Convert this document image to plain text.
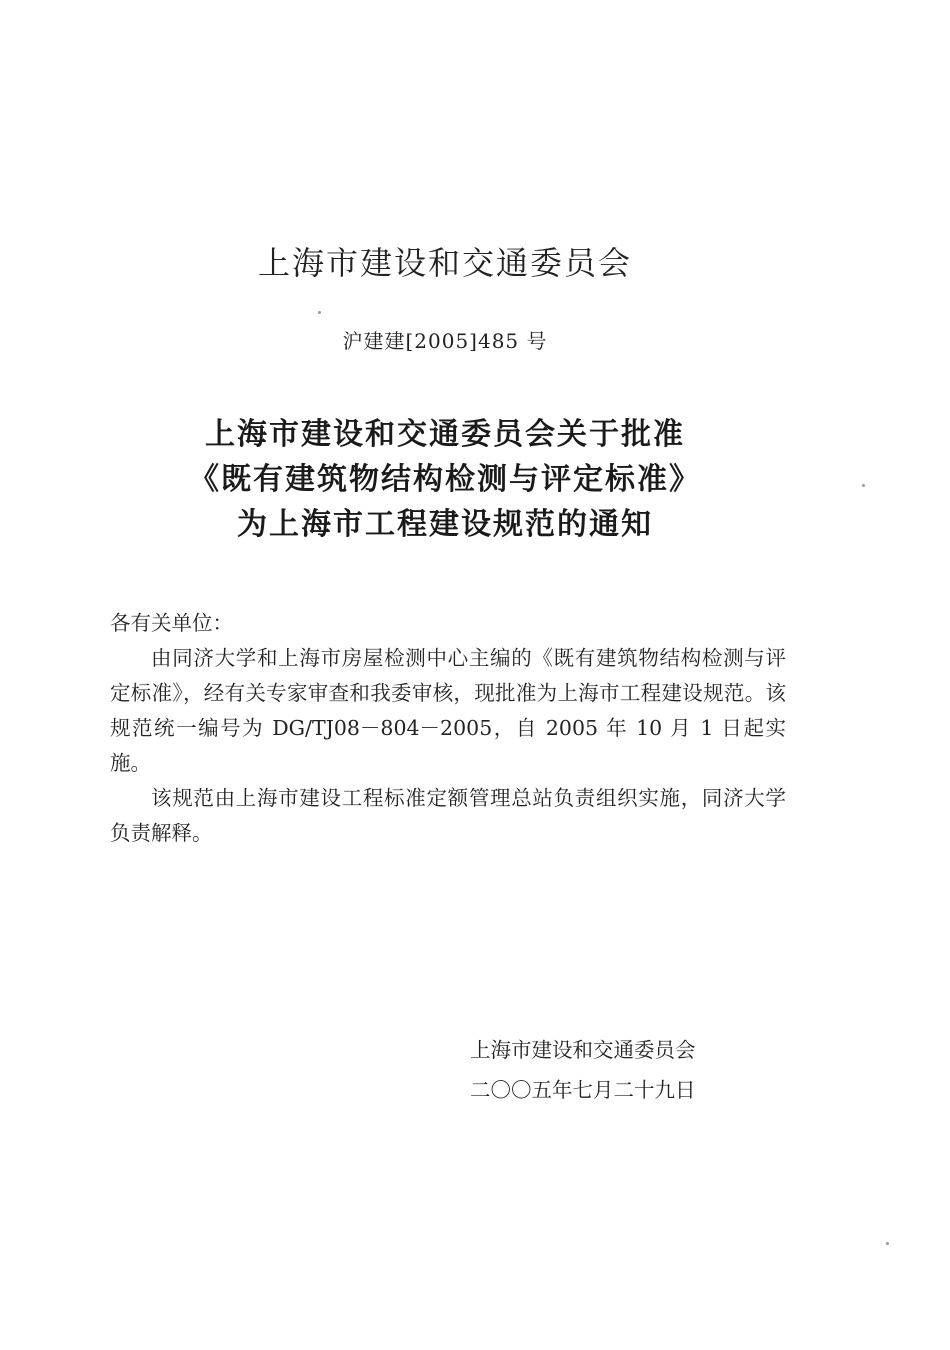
上海市建设和交通委员会
沪建建[2005]485 号
上海市建设和交通委员会关于批准
《既有建筑物结构检测与评定标准》
为上海市工程建设规范的通知

各有关单位：

由同济大学和上海市房屋检测中心主编的《既有建筑物结构检测与评定标准》，经有关专家审查和我委审核，现批准为上海市工程建设规范。该规范统一编号为 DG/TJ08－804－2005，自 2005 年 10 月 1 日起实施。

该规范由上海市建设工程标准定额管理总站负责组织实施，同济大学负责解释。

上海市建设和交通委员会
二〇〇五年七月二十九日
